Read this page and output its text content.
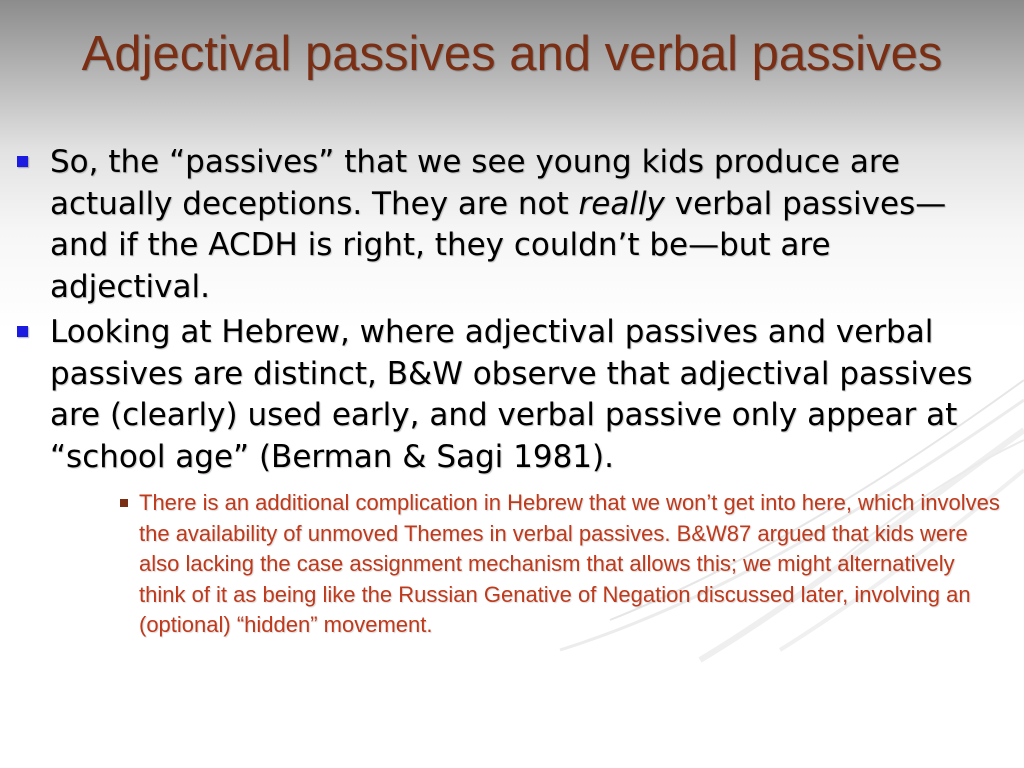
Adjectival passives and verbal passives
So, the “passives” that we see young kids produce are actually deceptions. They are not really verbal passives—and if the ACDH is right, they couldn’t be—but are adjectival.
Looking at Hebrew, where adjectival passives and verbal passives are distinct, B&W observe that adjectival passives are (clearly) used early, and verbal passive only appear at “school age” (Berman & Sagi 1981).
There is an additional complication in Hebrew that we won’t get into here, which involves the availability of unmoved Themes in verbal passives. B&W87 argued that kids were also lacking the case assignment mechanism that allows this; we might alternatively think of it as being like the Russian Genative of Negation discussed later, involving an (optional) “hidden” movement.
